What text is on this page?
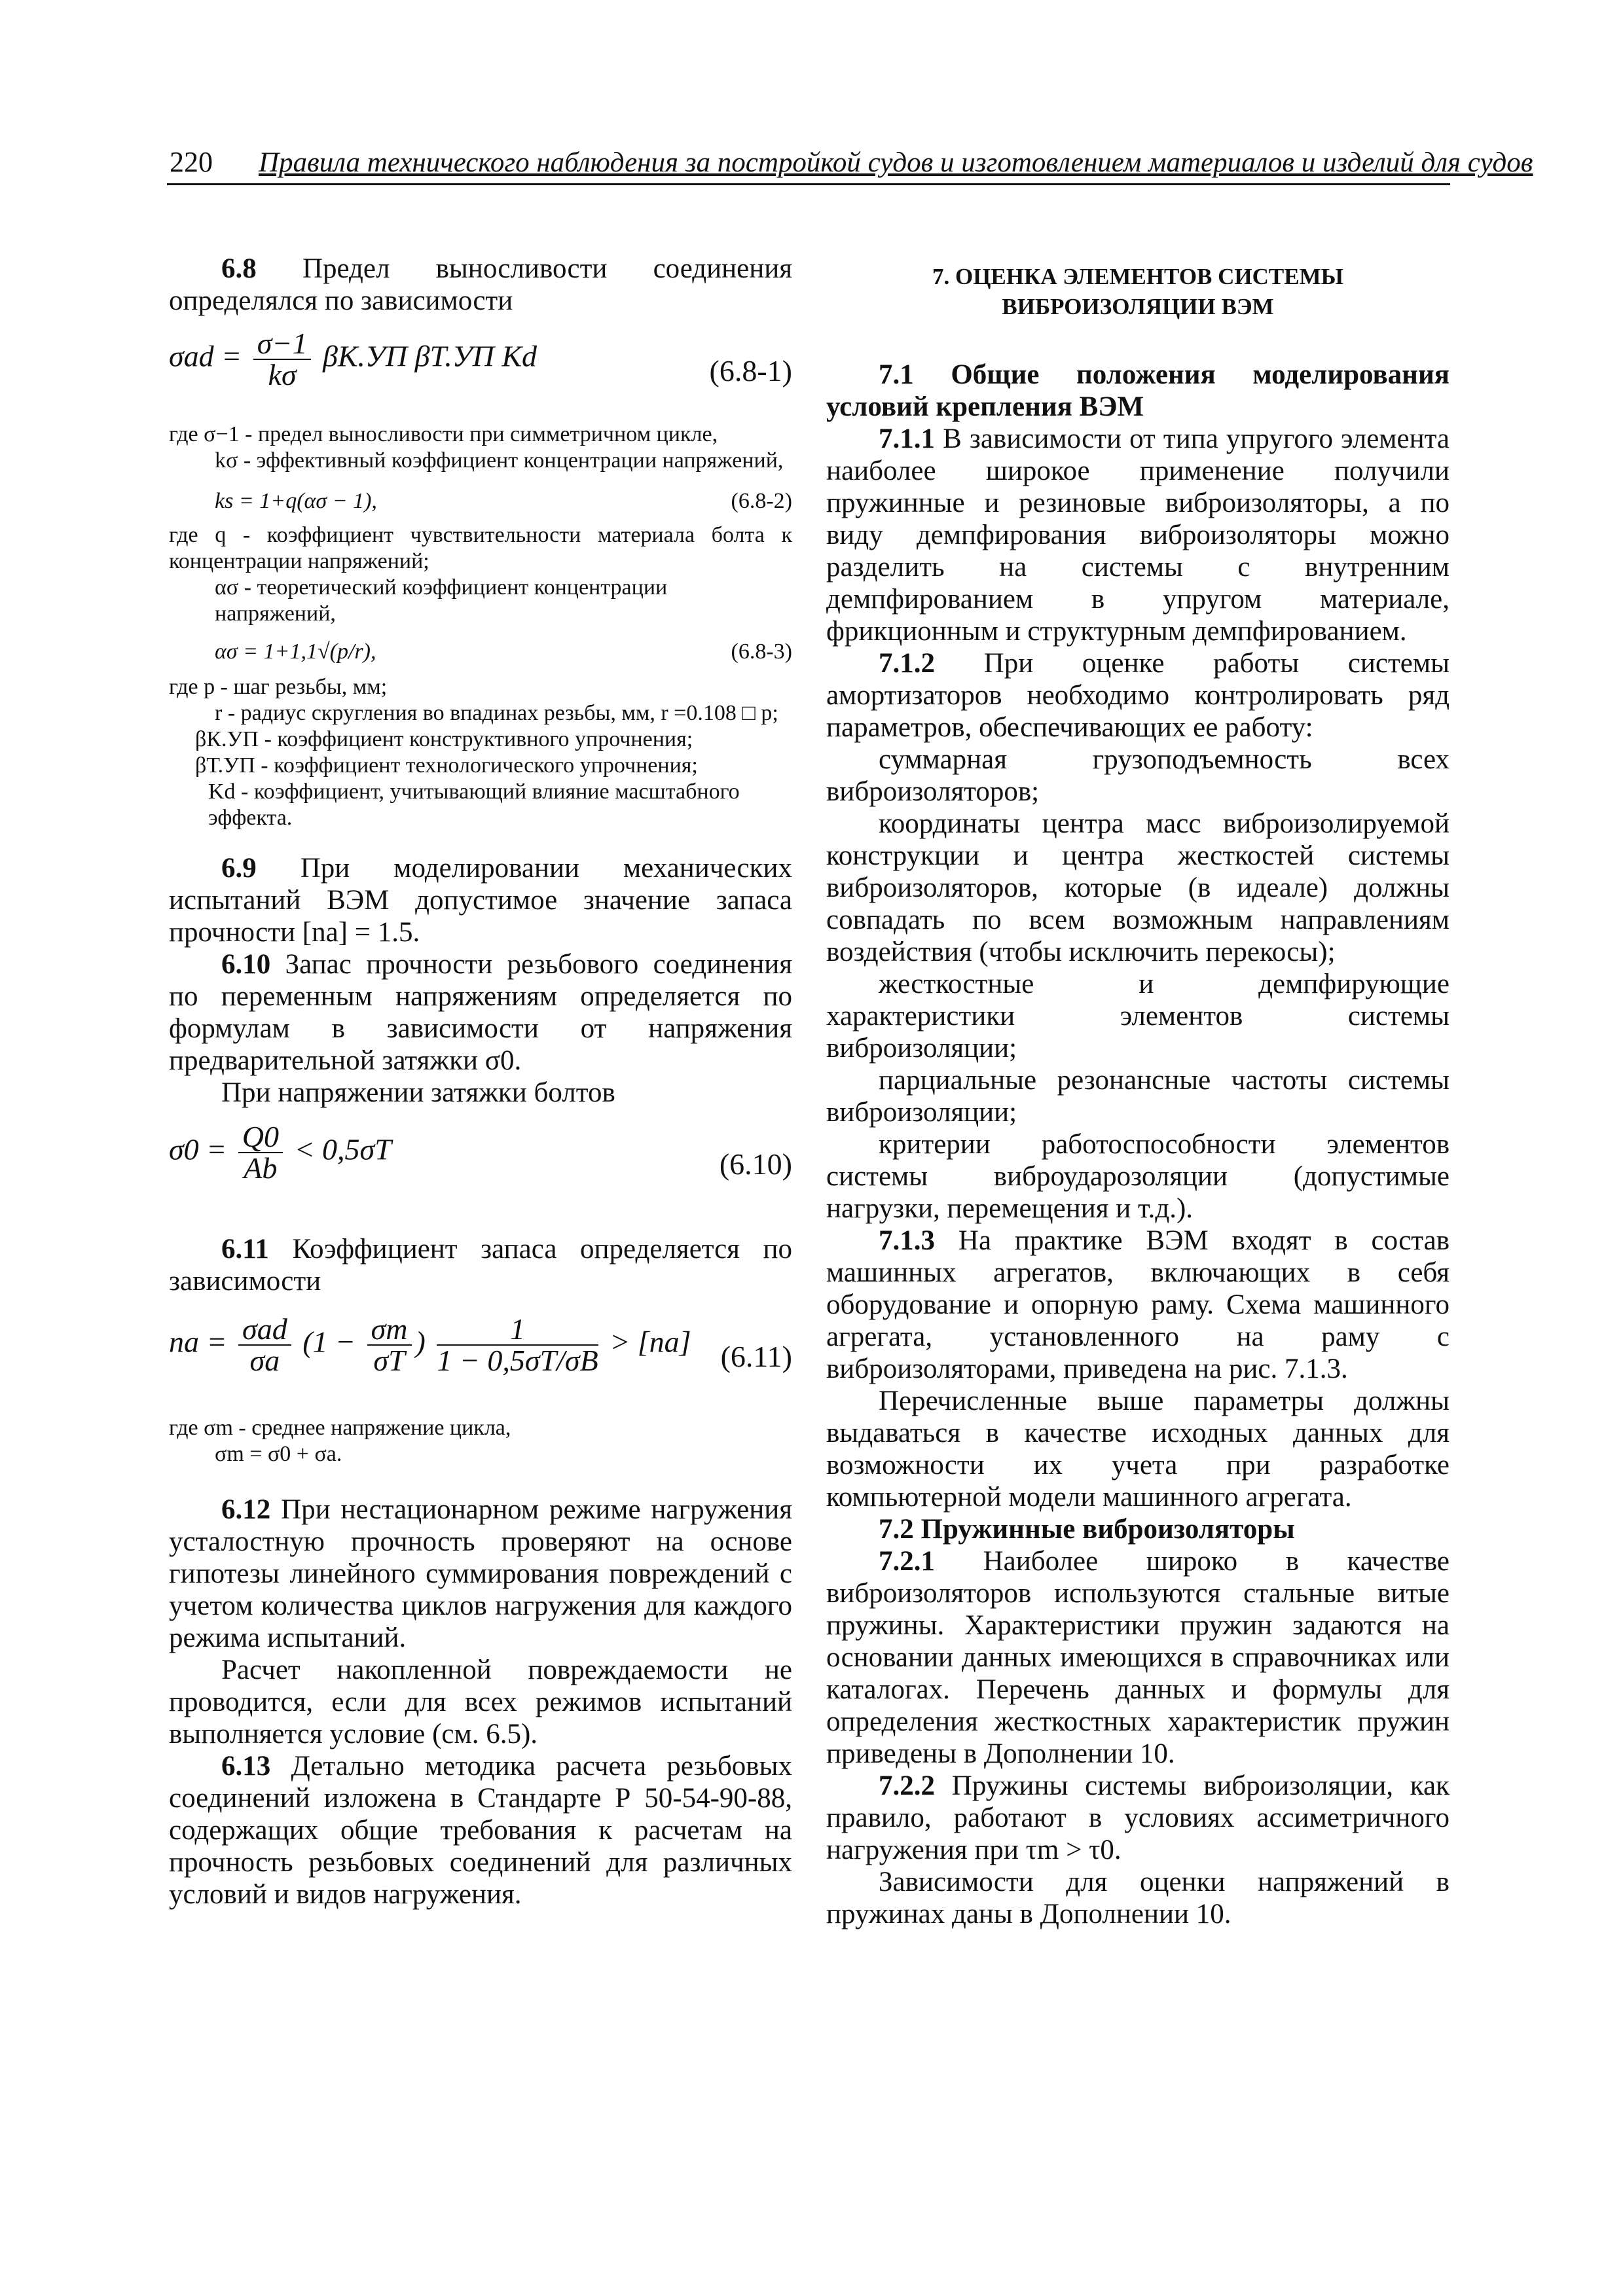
220 Правила технического наблюдения за постройкой судов и изготовлением материалов и изделий для судов

6.8 Предел выносливости соединения определялся по зависимости

$\sigma ad = \frac{\sigma-1}{k\sigma} \beta К.УП$ βТ.УП Kd	(6.8-1)
где σ−1 - предел выносливости при симметричном цикле,
kσ - эффективный коэффициент концентрации напряжений,
ks = 1+q(ασ − 1),	(6.8-2)
где q - коэффициент чувствительности материала болта к концентрации напряжений;
ασ - теоретический коэффициент концентрации напряжений,
ασ = 1+1,1√(p/r),	(6.8-3)
где p - шаг резьбы, мм;
r - радиус скругления во впадинах резьбы, мм, r =0.108 □ p;
βК.УП - коэффициент конструктивного упрочнения;
βТ.УП - коэффициент технологического упрочнения;
Kd - коэффициент, учитывающий влияние масштабного эффекта.

6.9 При моделировании механических испытаний ВЭМ допустимое значение запаса прочности [na] = 1.5.

6.10 Запас прочности резьбового соединения по переменным напряжениям определяется по формулам в зависимости от напряжения предварительной затяжки σ0.

При напряжении затяжки болтов

$\sigma 0 = \frac{Q0}{Ab} < 0,5\sigma T$	(6.10)

6.11 Коэффициент запаса определяется по зависимости

na = $\frac{\text{σad}}{\sigma a} (1 - \frac{\sigma m}{\sigma T}$ ) $\frac{1}{1 - 0,5\sigma T/\sigma B} > [na]$ (6.11)
где σm - среднее напряжение цикла,
σm = σ0 + σa.

6.12 При нестационарном режиме нагружения усталостную прочность проверяют на основе гипотезы линейного суммирования повреждений с учетом количества циклов нагружения для каждого режима испытаний.

Расчет накопленной повреждаемости не проводится, если для всех режимов испытаний выполняется условие (см. 6.5).

6.13 Детально методика расчета резьбовых соединений изложена в Стандарте Р 50-54-90-88, содержащих общие требования к расчетам на прочность резьбовых соединений для различных условий и видов нагружения.

7. ОЦЕНКА ЭЛЕМЕНТОВ СИСТЕМЫ ВИБРОИЗОЛЯЦИИ ВЭМ

7.1 Общие положения моделирования условий крепления ВЭМ

7.1.1 В зависимости от типа упругого элемента наиболее широкое применение получили пружинные и резиновые виброизоляторы, а по виду демпфирования виброизоляторы можно разделить на системы с внутренним демпфированием в упругом материале, фрикционным и структурным демпфированием.

7.1.2 При оценке работы системы амортизаторов необходимо контролировать ряд параметров, обеспечивающих ее работу:

суммарная грузоподъемность всех виброизоляторов;

координаты центра масс виброизолируемой конструкции и центра жесткостей системы виброизоляторов, которые (в идеале) должны совпадать по всем возможным направлениям воздействия (чтобы исключить перекосы);

жесткостные и демпфирующие характеристики элементов системы виброизоляции;

парциальные резонансные частоты системы виброизоляции;

критерии работоспособности элементов системы виброударозоляции (допустимые нагрузки, перемещения и т.д.).

7.1.3 На практике ВЭМ входят в состав машинных агрегатов, включающих в себя оборудование и опорную раму. Схема машинного агрегата, установленного на раму с виброизоляторами, приведена на рис. 7.1.3.

Перечисленные выше параметры должны выдаваться в качестве исходных данных для возможности их учета при разработке компьютерной модели машинного агрегата.

7.2 Пружинные виброизоляторы

7.2.1 Наиболее широко в качестве виброизоляторов используются стальные витые пружины. Характеристики пружин задаются на основании данных имеющихся в справочниках или каталогах. Перечень данных и формулы для определения жесткостных характеристик пружин приведены в Дополнении 10.

7.2.2 Пружины системы виброизоляции, как правило, работают в условиях ассиметричного нагружения при τm > τ0.

Зависимости для оценки напряжений в пружинах даны в Дополнении 10.
